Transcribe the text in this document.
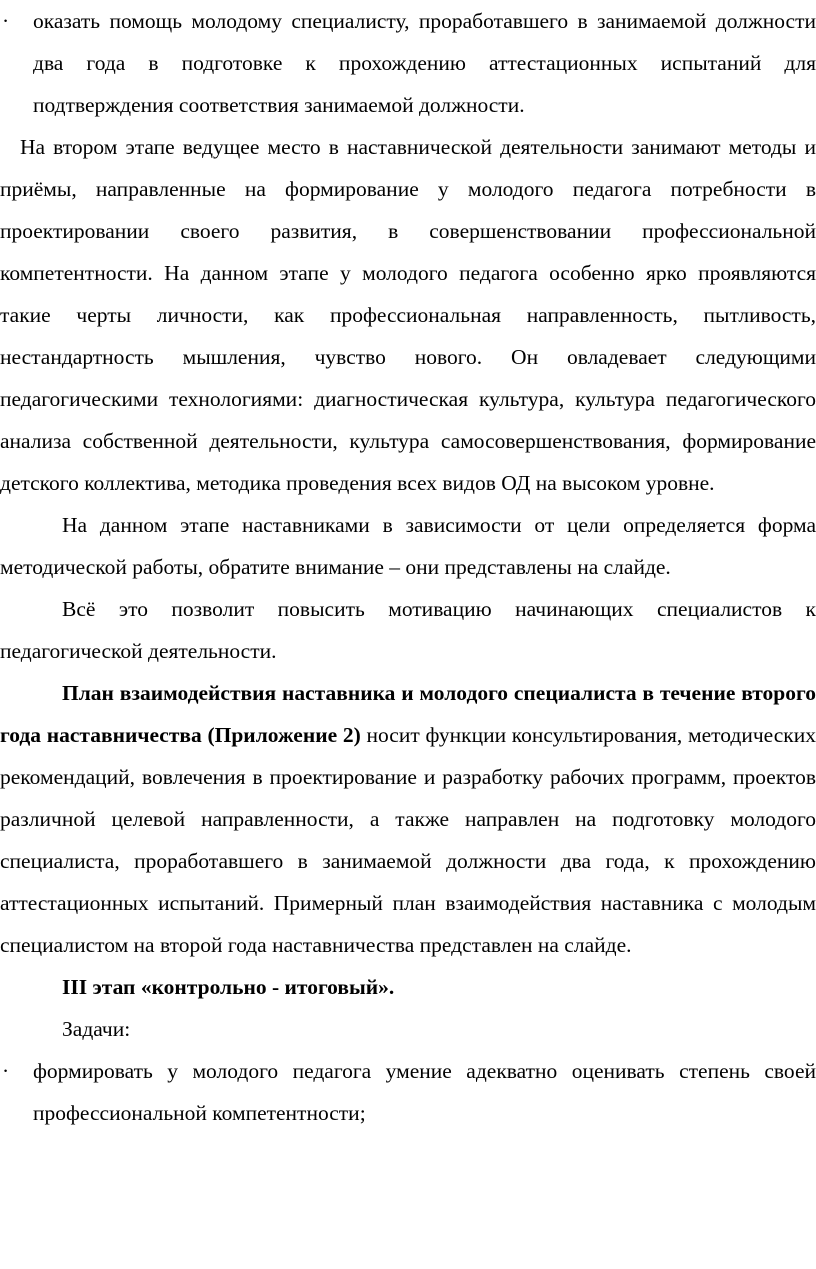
· оказать помощь молодому специалисту, проработавшего в занимаемой должности два года в подготовке к прохождению аттестационных испытаний для подтверждения соответствия занимаемой должности.

На втором этапе ведущее место в наставнической деятельности занимают методы и приёмы, направленные на формирование у молодого педагога потребности в проектировании своего развития, в совершенствовании профессиональной компетентности. На данном этапе у молодого педагога особенно ярко проявляются такие черты личности, как профессиональная направленность, пытливость, нестандартность мышления, чувство нового. Он овладевает следующими педагогическими технологиями: диагностическая культура, культура педагогического анализа собственной деятельности, культура самосовершенствования, формирование детского коллектива, методика проведения всех видов ОД на высоком уровне.

На данном этапе наставниками в зависимости от цели определяется форма методической работы, обратите внимание – они представлены на слайде.

Всё это позволит повысить мотивацию начинающих специалистов к педагогической деятельности.

План взаимодействия наставника и молодого специалиста в течение второго года наставничества (Приложение 2) носит функции консультирования, методических рекомендаций, вовлечения в проектирование и разработку рабочих программ, проектов различной целевой направленности, а также направлен на подготовку молодого специалиста, проработавшего в занимаемой должности два года, к прохождению аттестационных испытаний. Примерный план взаимодействия наставника с молодым специалистом на второй года наставничества представлен на слайде.

III этап «контрольно - итоговый».

Задачи:

· формировать у молодого педагога умение адекватно оценивать степень своей профессиональной компетентности;
